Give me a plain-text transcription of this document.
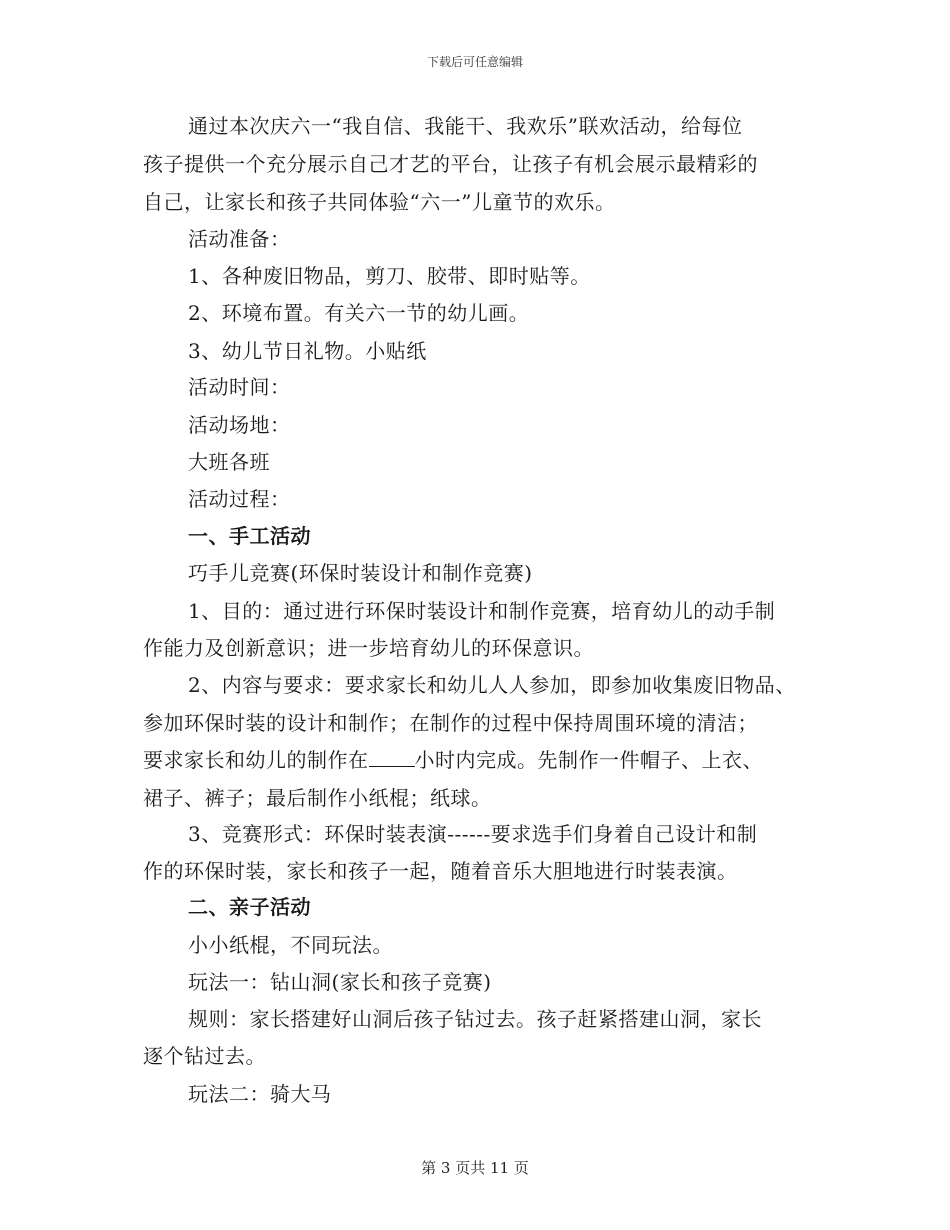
下载后可任意编辑
通过本次庆六一“我自信、我能干、我欢乐”联欢活动，给每位
孩子提供一个充分展示自己才艺的平台，让孩子有机会展示最精彩的
自己，让家长和孩子共同体验“六一”儿童节的欢乐。
活动准备：
1、各种废旧物品，剪刀、胶带、即时贴等。
2、环境布置。有关六一节的幼儿画。
3、幼儿节日礼物。小贴纸
活动时间：
活动场地：
大班各班
活动过程：
一、手工活动
巧手儿竞赛(环保时装设计和制作竞赛)
1、目的：通过进行环保时装设计和制作竞赛，培育幼儿的动手制
作能力及创新意识；进一步培育幼儿的环保意识。
2、内容与要求：要求家长和幼儿人人参加，即参加收集废旧物品、
参加环保时装的设计和制作；在制作的过程中保持周围环境的清洁；
要求家长和幼儿的制作在 小时内完成。先制作一件帽子、上衣、
裙子、裤子；最后制作小纸棍；纸球。
3、竞赛形式：环保时装表演------要求选手们身着自己设计和制
作的环保时装，家长和孩子一起，随着音乐大胆地进行时装表演。
二、亲子活动
小小纸棍，不同玩法。
玩法一：钻山洞(家长和孩子竞赛)
规则：家长搭建好山洞后孩子钻过去。孩子赶紧搭建山洞，家长
逐个钻过去。
玩法二：骑大马
第 3 页共 11 页
